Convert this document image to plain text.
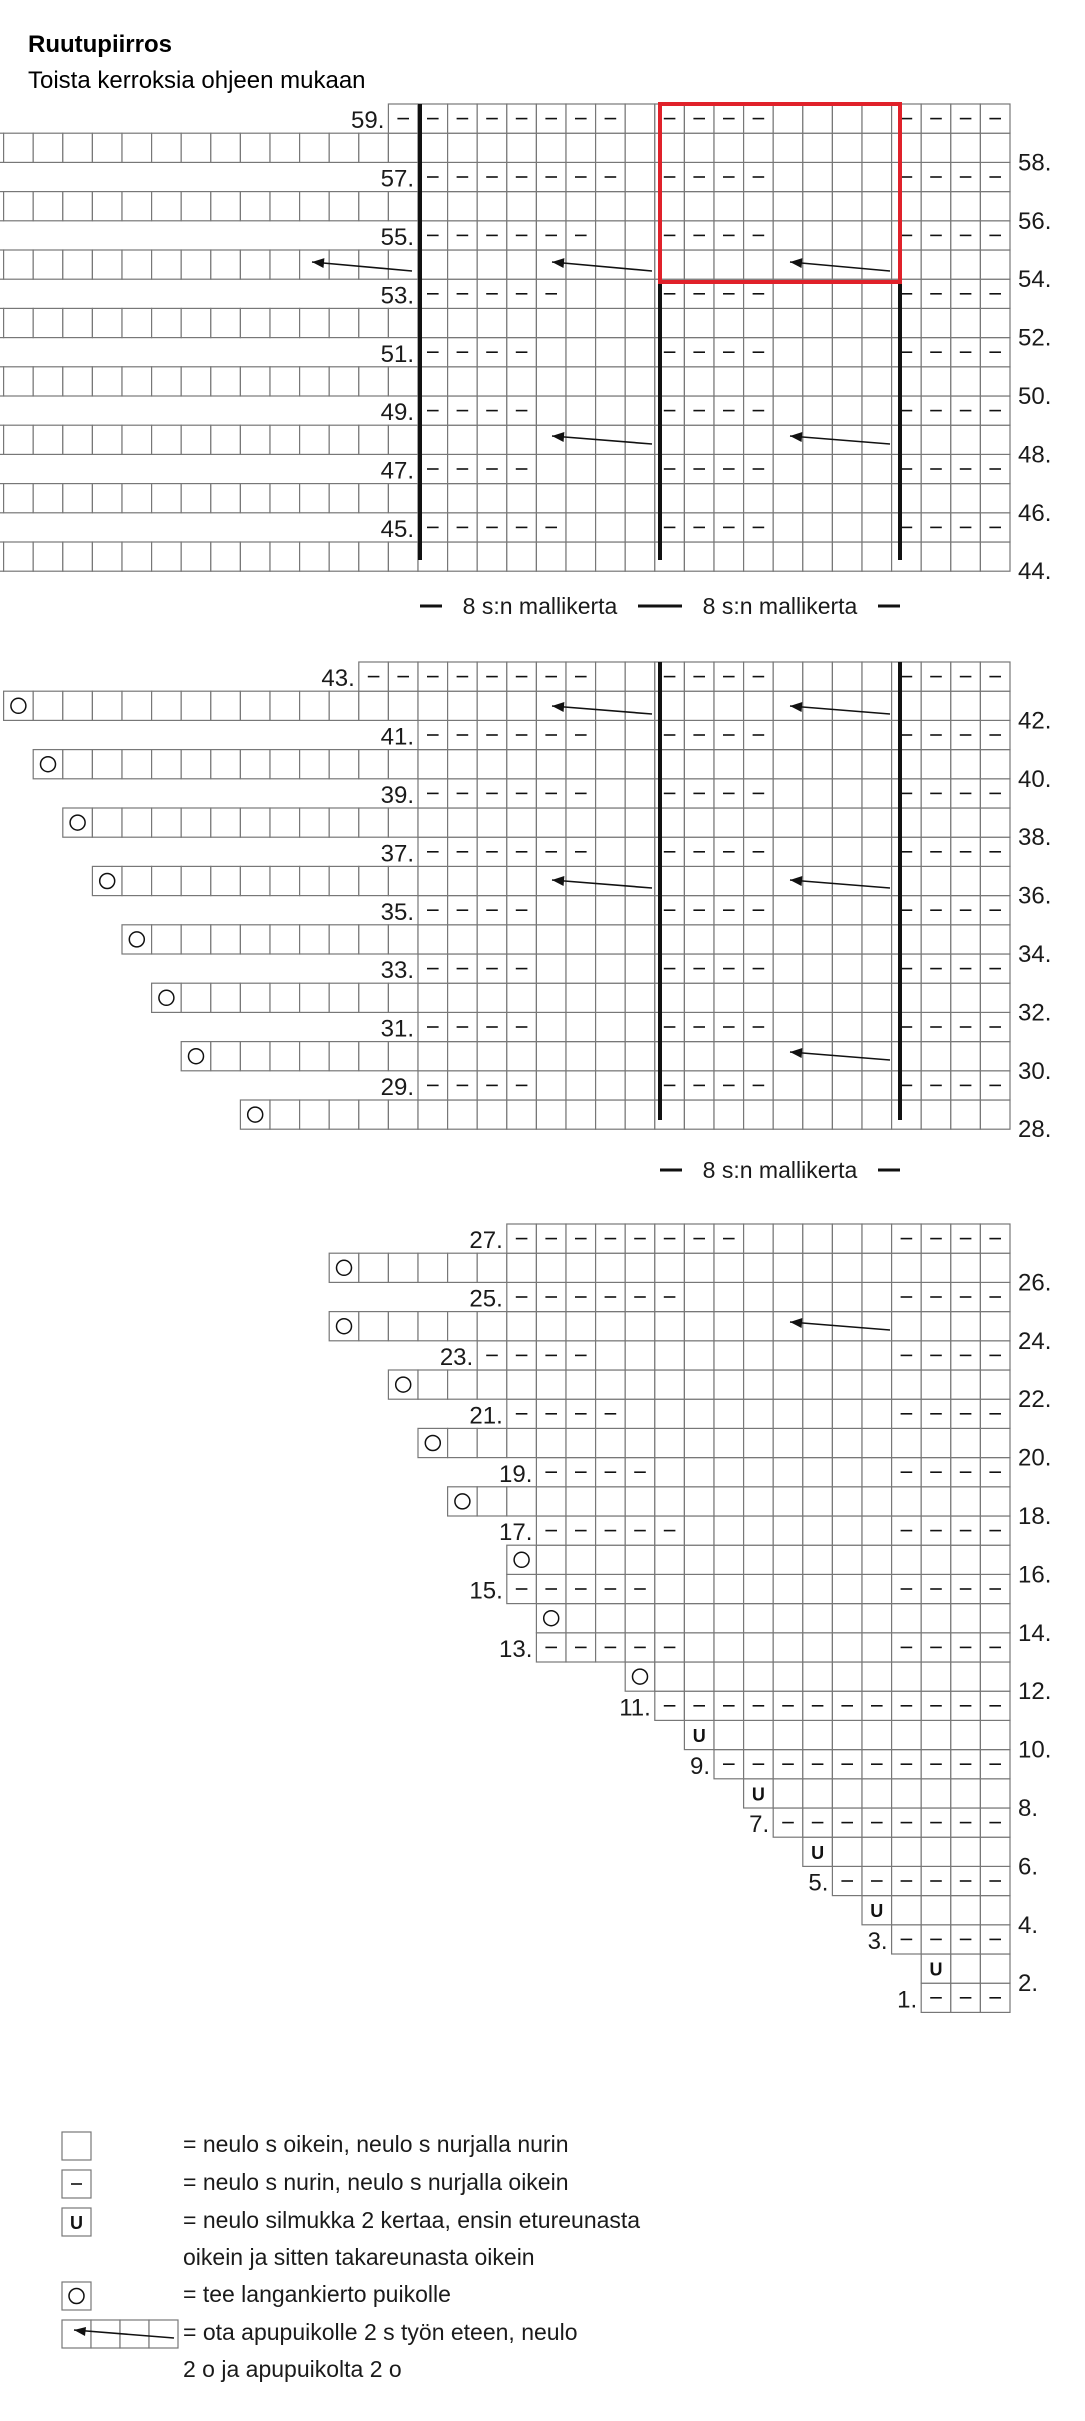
Ruutupiirros
Toista kerroksia ohjeen mukaan
1.
U
2.
3.
U
4.
5.
U
6.
7.
U
8.
9.
U
10.
11.
12.
13.
14.
15.
16.
17.
18.
19.
20.
21.
22.
23.
24.
25.
26.
27.
28.
29.
30.
31.
32.
33.
34.
35.
36.
37.
38.
39.
40.
41.
42.
43.
44.
45.
46.
47.
48.
49.
50.
51.
52.
53.
54.
55.
56.
57.
58.
59.
8 s:n mallikerta	8 s:n mallikerta
8 s:n mallikerta
= neulo s oikein, neulo s nurjalla nurin
= neulo s nurin, neulo s nurjalla oikein
U	= neulo silmukka 2 kertaa, ensin etureunasta
oikein ja sitten takareunasta oikein
= tee langankierto puikolle
= ota apupuikolle 2 s työn eteen, neulo
2 o ja apupuikolta 2 o
